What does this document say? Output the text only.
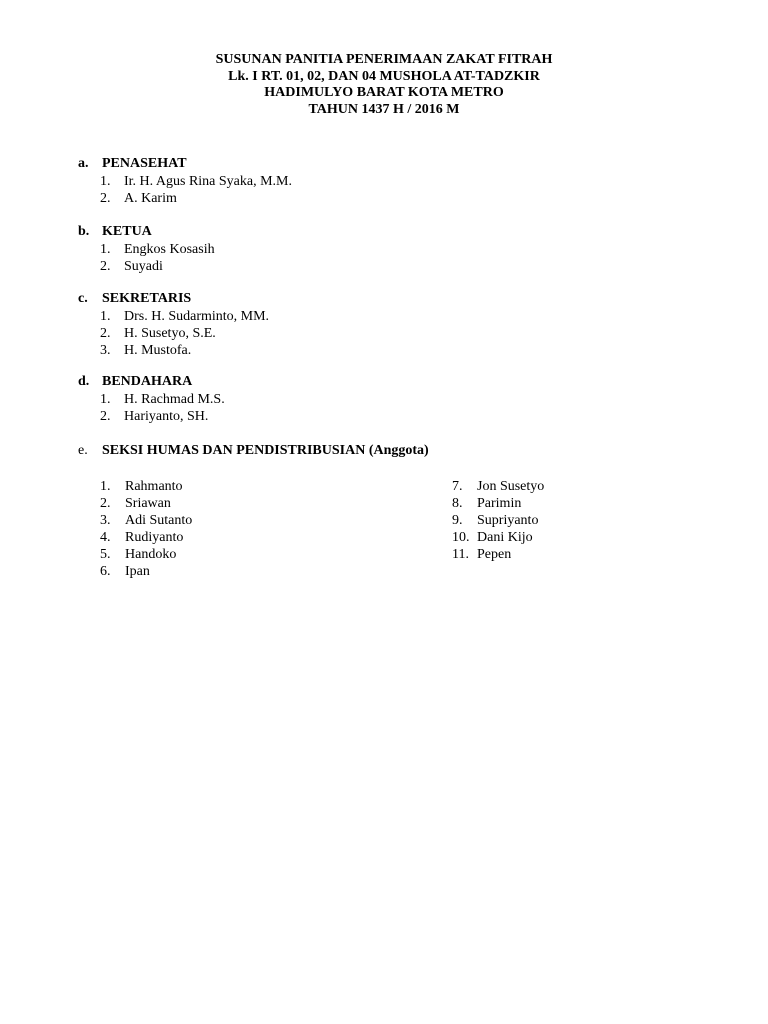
SUSUNAN PANITIA PENERIMAAN ZAKAT FITRAH
Lk. I RT. 01, 02, DAN 04 MUSHOLA AT-TADZKIR
HADIMULYO BARAT KOTA METRO
TAHUN 1437 H / 2016 M
a. PENASEHAT
1. Ir. H. Agus Rina Syaka, M.M.
2. A. Karim
b. KETUA
1. Engkos Kosasih
2. Suyadi
c. SEKRETARIS
1. Drs. H. Sudarminto, MM.
2. H. Susetyo, S.E.
3. H. Mustofa.
d. BENDAHARA
1. H. Rachmad M.S.
2. Hariyanto, SH.
e. SEKSI HUMAS DAN PENDISTRIBUSIAN (Anggota)
1. Rahmanto
2. Sriawan
3. Adi Sutanto
4. Rudiyanto
5. Handoko
6. Ipan
7. Jon Susetyo
8. Parimin
9. Supriyanto
10. Dani Kijo
11. Pepen
